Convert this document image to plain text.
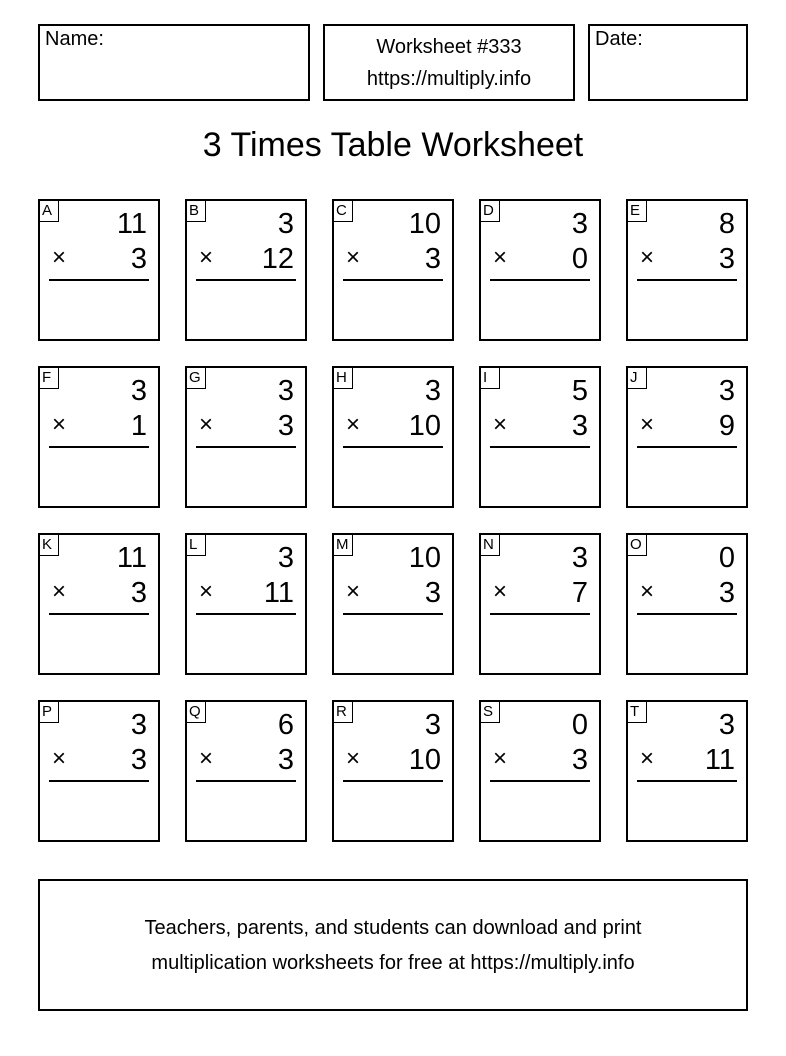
Name:	Worksheet #333
https://multiply.info
Date:
3 Times Table Worksheet
A 11
× 3
B	3
× 12
C 10
× 3
D	3
× 0
E	8
× 3
F	3
× 1
G	3
× 3
H	3
× 10
I	5
× 3
J	3
× 9
K 11
× 3
L	3
× 11
M 10
× 3
N	3
× 7
O	0
× 3
P	3
× 3
Q	6
× 3
R	3
× 10
S	0
× 3
T	3
× 11
Teachers, parents, and students can download and print
multiplication worksheets for free at https://multiply.info
